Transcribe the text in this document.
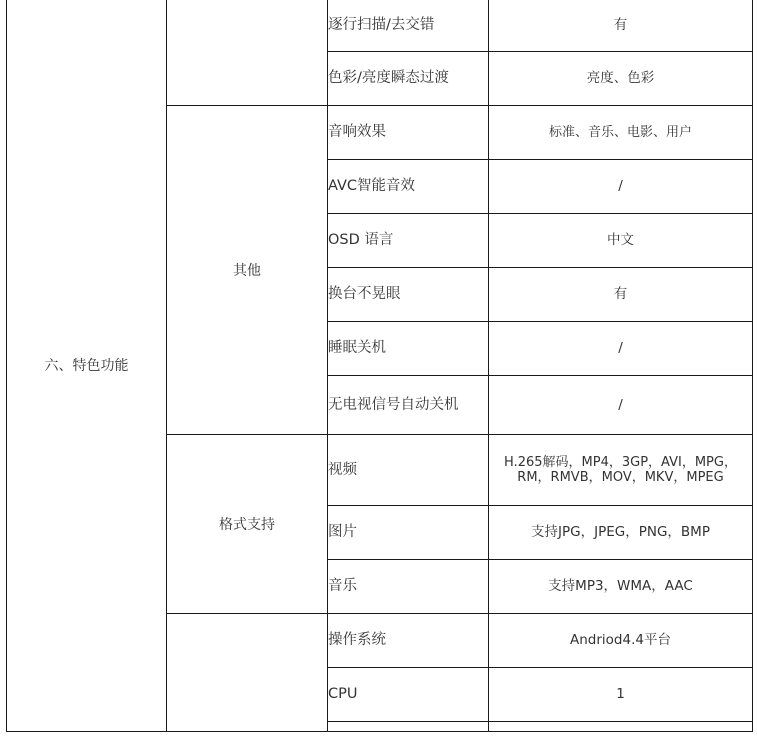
六、特色功能		逐行扫描/去交错	有
		色彩/亮度瞬态过渡	亮度、色彩
	其他	音响效果	标准、音乐、电影、用户
		AVC智能音效	/
		OSD 语言	中文
		换台不晃眼	有
		睡眠关机	/
		无电视信号自动关机	/
	格式支持	视频	H.265解码，MP4，3GP，AVI，MPG，RM，RMVB，MOV，MKV，MPEG
		图片	支持JPG，JPEG，PNG，BMP
		音乐	支持MP3，WMA，AAC
		操作系统	Andriod4.4平台
		CPU	1
